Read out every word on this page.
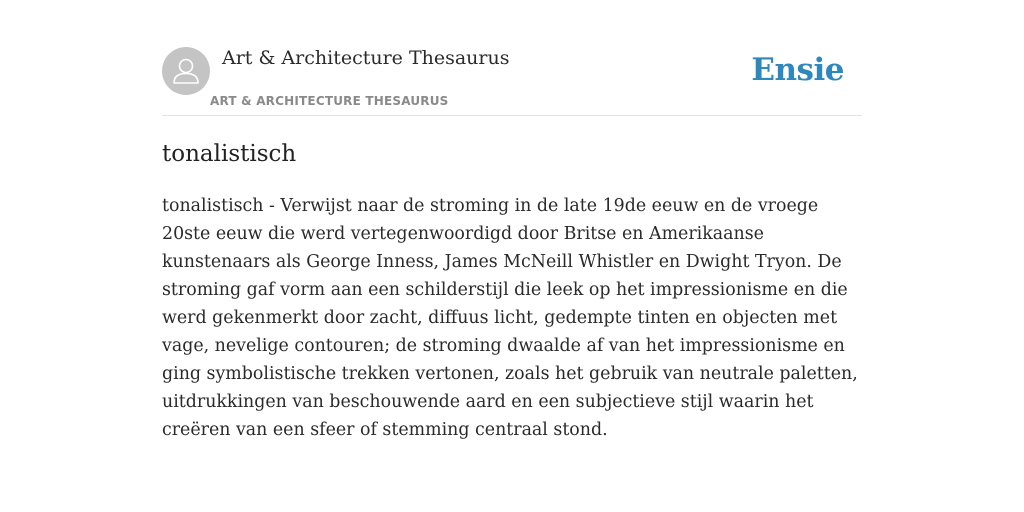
Art & Architecture Thesaurus
ART & ARCHITECTURE THESAURUS
Ensie
tonalistisch

tonalistisch - Verwijst naar de stroming in de late 19de eeuw en de vroege 20ste eeuw die werd vertegenwoordigd door Britse en Amerikaanse kunstenaars als George Inness, James McNeill Whistler en Dwight Tryon. De stroming gaf vorm aan een schilderstijl die leek op het impressionisme en die werd gekenmerkt door zacht, diffuus licht, gedempte tinten en objecten met vage, nevelige contouren; de stroming dwaalde af van het impressionisme en ging symbolistische trekken vertonen, zoals het gebruik van neutrale paletten, uitdrukkingen van beschouwende aard en een subjectieve stijl waarin het creëren van een sfeer of stemming centraal stond.
